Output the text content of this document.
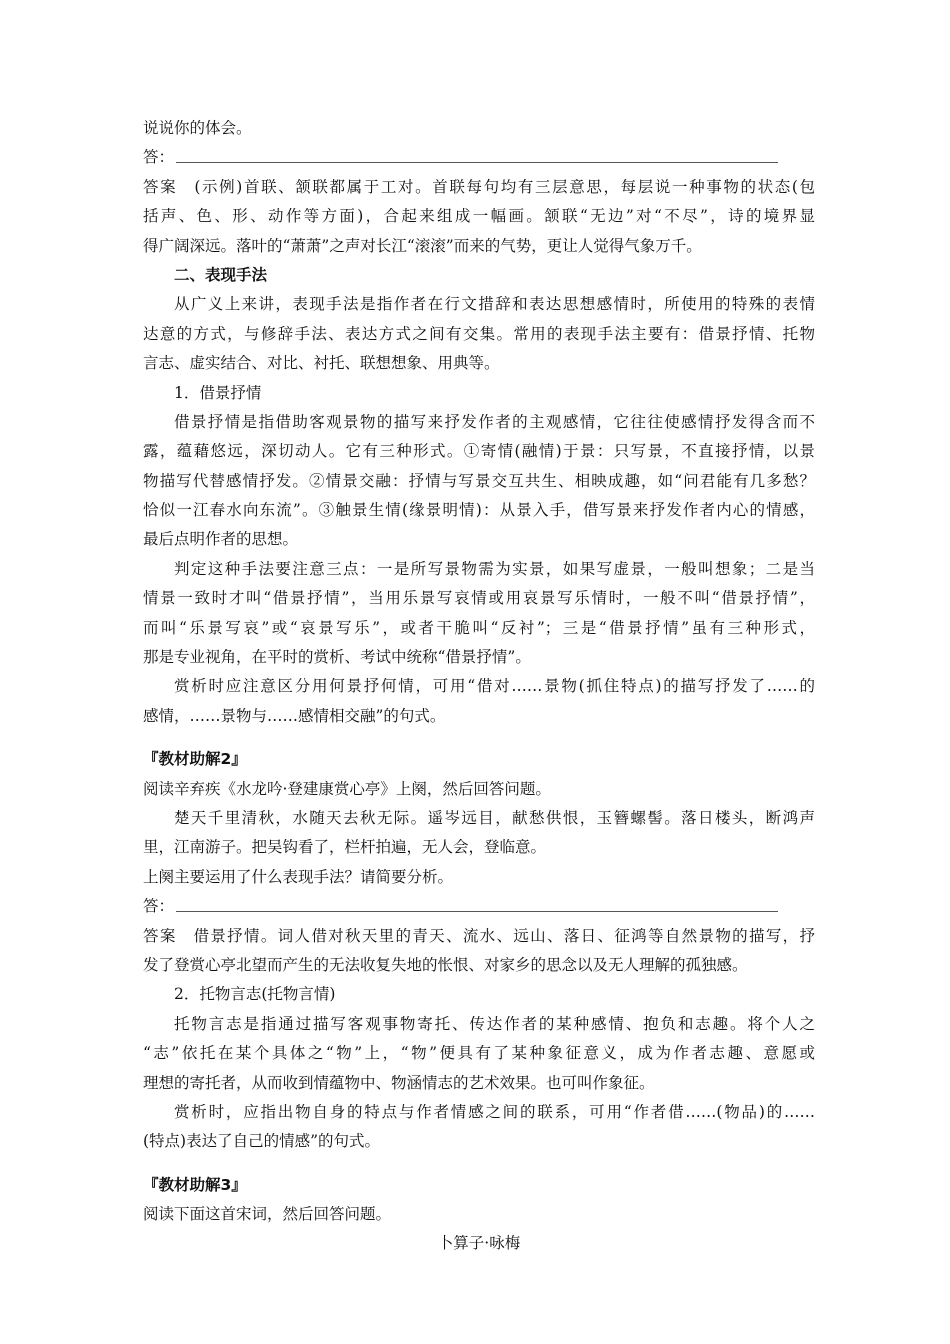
说说你的体会。
答：
答案　(示例)首联、颔联都属于工对。首联每句均有三层意思，每层说一种事物的状态(包
括声、色、形、动作等方面)，合起来组成一幅画。颔联“无边”对“不尽”，诗的境界显
得广阔深远。落叶的“萧萧”之声对长江“滚滚”而来的气势，更让人觉得气象万千。
二、表现手法
从广义上来讲，表现手法是指作者在行文措辞和表达思想感情时，所使用的特殊的表情
达意的方式，与修辞手法、表达方式之间有交集。常用的表现手法主要有：借景抒情、托物
言志、虚实结合、对比、衬托、联想想象、用典等。
1．借景抒情
借景抒情是指借助客观景物的描写来抒发作者的主观感情，它往往使感情抒发得含而不
露，蕴藉悠远，深切动人。它有三种形式。①寄情(融情)于景：只写景，不直接抒情，以景
物描写代替感情抒发。②情景交融：抒情与写景交互共生、相映成趣，如“问君能有几多愁？
恰似一江春水向东流”。③触景生情(缘景明情)：从景入手，借写景来抒发作者内心的情感，
最后点明作者的思想。
判定这种手法要注意三点：一是所写景物需为实景，如果写虚景，一般叫想象；二是当
情景一致时才叫“借景抒情”，当用乐景写哀情或用哀景写乐情时，一般不叫“借景抒情”，
而叫“乐景写哀”或“哀景写乐”，或者干脆叫“反衬”；三是“借景抒情”虽有三种形式，
那是专业视角，在平时的赏析、考试中统称“借景抒情”。
赏析时应注意区分用何景抒何情，可用“借对……景物(抓住特点)的描写抒发了……的
感情，……景物与……感情相交融”的句式。
『教材助解2』
阅读辛弃疾《水龙吟·登建康赏心亭》上阕，然后回答问题。
楚天千里清秋，水随天去秋无际。遥岑远目，献愁供恨，玉簪螺髻。落日楼头，断鸿声
里，江南游子。把吴钩看了，栏杆拍遍，无人会，登临意。
上阕主要运用了什么表现手法？请简要分析。
答：
答案　借景抒情。词人借对秋天里的青天、流水、远山、落日、征鸿等自然景物的描写，抒
发了登赏心亭北望而产生的无法收复失地的怅恨、对家乡的思念以及无人理解的孤独感。
2．托物言志(托物言情)
托物言志是指通过描写客观事物寄托、传达作者的某种感情、抱负和志趣。将个人之
“志”依托在某个具体之“物”上，“物”便具有了某种象征意义，成为作者志趣、意愿或
理想的寄托者，从而收到情蕴物中、物涵情志的艺术效果。也可叫作象征。
赏析时，应指出物自身的特点与作者情感之间的联系，可用“作者借……(物品)的……
(特点)表达了自己的情感”的句式。
『教材助解3』
阅读下面这首宋词，然后回答问题。
卜算子·咏梅
